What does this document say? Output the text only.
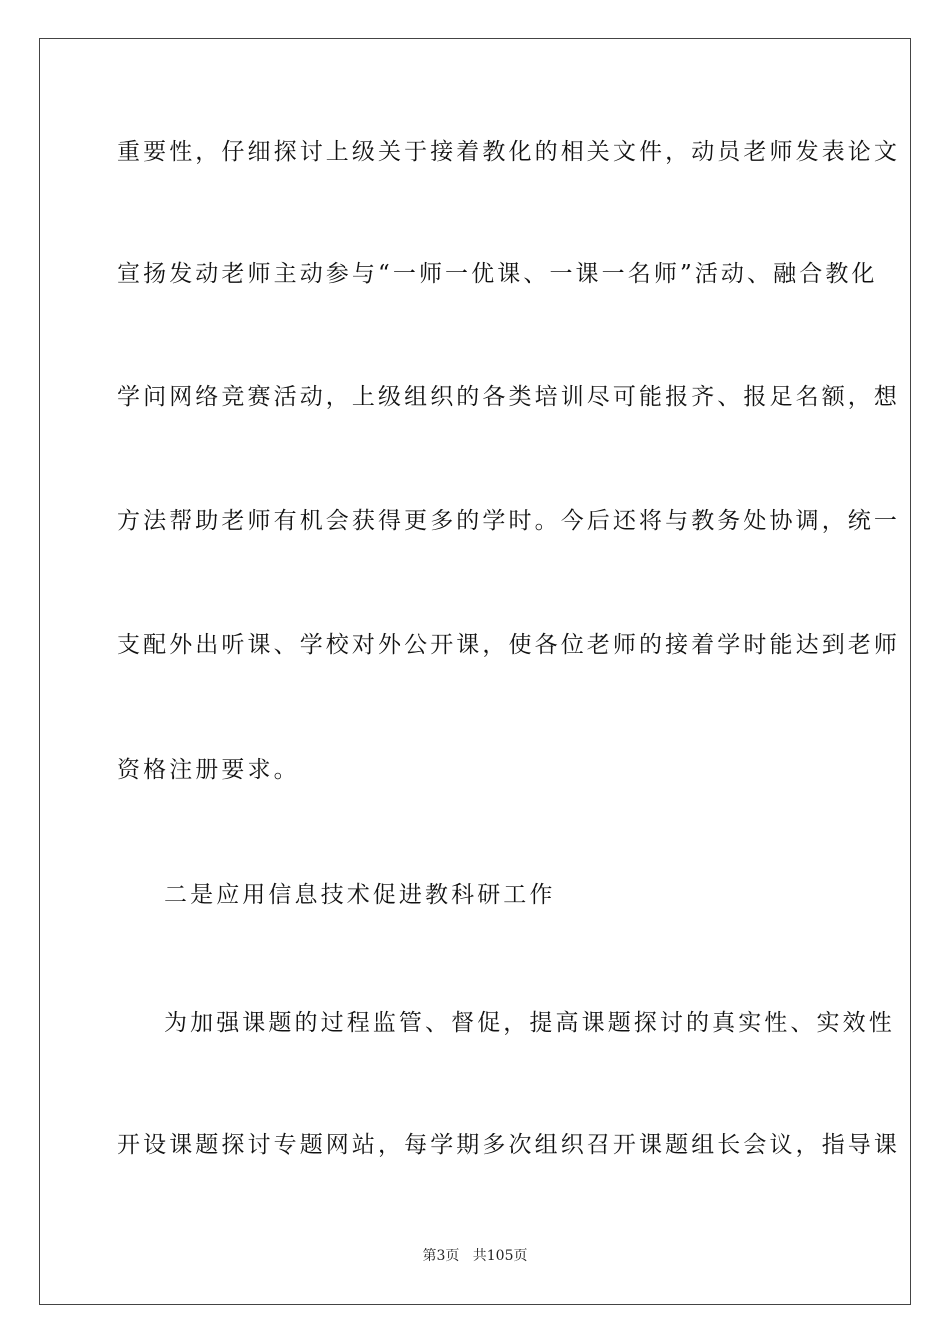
重要性，仔细探讨上级关于接着教化的相关文件，动员老师发表论文
宣扬发动老师主动参与“一师一优课、一课一名师”活动、融合教化
学问网络竞赛活动，上级组织的各类培训尽可能报齐、报足名额，想
方法帮助老师有机会获得更多的学时。今后还将与教务处协调，统一
支配外出听课、学校对外公开课，使各位老师的接着学时能达到老师
资格注册要求。
二是应用信息技术促进教科研工作
为加强课题的过程监管、督促，提高课题探讨的真实性、实效性
开设课题探讨专题网站，每学期多次组织召开课题组长会议，指导课
第3页 共105页
